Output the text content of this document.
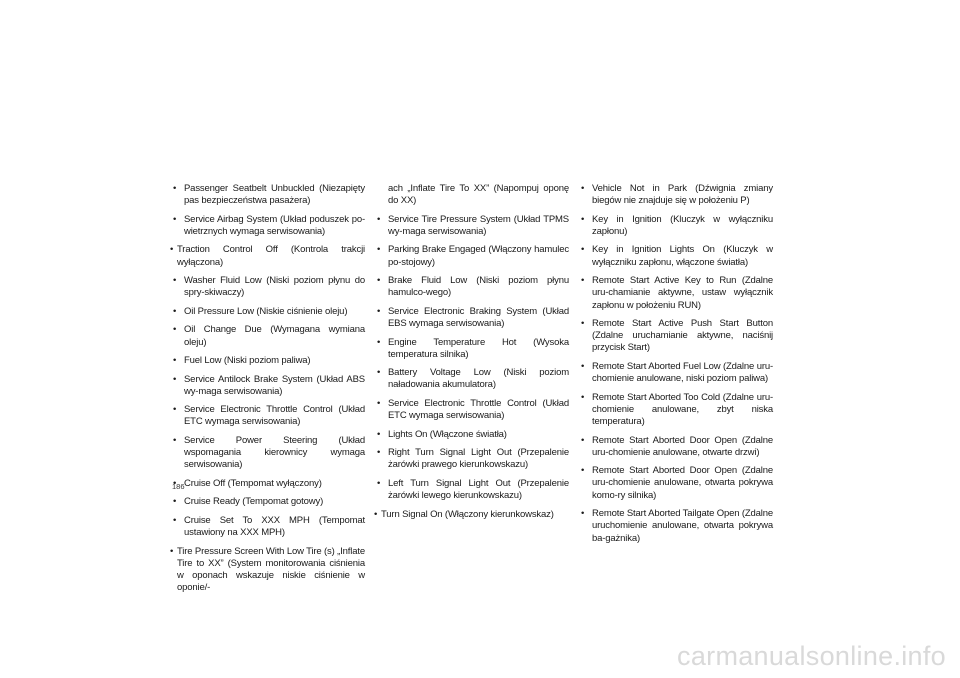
• Passenger Seatbelt Unbuckled (Niezapięty pas bezpieczeństwa pasażera)
• Service Airbag System (Układ poduszek po-wietrznych wymaga serwisowania)
• Traction Control Off (Kontrola trakcji wyłączona)
• Washer Fluid Low (Niski poziom płynu do spry-skiwaczy)
• Oil Pressure Low (Niskie ciśnienie oleju)
• Oil Change Due (Wymagana wymiana oleju)
• Fuel Low (Niski poziom paliwa)
• Service Antilock Brake System (Układ ABS wy-maga serwisowania)
• Service Electronic Throttle Control (Układ ETC wymaga serwisowania)
• Service Power Steering (Układ wspomagania kierownicy wymaga serwisowania)
• Cruise Off (Tempomat wyłączony)
• Cruise Ready (Tempomat gotowy)
• Cruise Set To XXX MPH (Tempomat ustawiony na XXX MPH)
• Tire Pressure Screen With Low Tire (s) „Inflate Tire to XX” (System monitorowania ciśnienia w oponach wskazuje niskie ciśnienie w oponie/-
ach „Inflate Tire To XX” (Napompuj oponę do XX)
• Service Tire Pressure System (Układ TPMS wy-maga serwisowania)
• Parking Brake Engaged (Włączony hamulec po-stojowy)
• Brake Fluid Low (Niski poziom płynu hamulco-wego)
• Service Electronic Braking System (Układ EBS wymaga serwisowania)
• Engine Temperature Hot (Wysoka temperatura silnika)
• Battery Voltage Low (Niski poziom naładowania akumulatora)
• Service Electronic Throttle Control (Układ ETC wymaga serwisowania)
• Lights On (Włączone światła)
• Right Turn Signal Light Out (Przepalenie żarówki prawego kierunkowskazu)
• Left Turn Signal Light Out (Przepalenie żarówki lewego kierunkowskazu)
• Turn Signal On (Włączony kierunkowskaz)
• Vehicle Not in Park (Dźwignia zmiany biegów nie znajduje się w położeniu P)
• Key in Ignition (Kluczyk w wyłączniku zapłonu)
• Key in Ignition Lights On (Kluczyk w wyłączniku zapłonu, włączone światła)
• Remote Start Active Key to Run (Zdalne uru-chamianie aktywne, ustaw wyłącznik zapłonu w położeniu RUN)
• Remote Start Active Push Start Button (Zdalne uruchamianie aktywne, naciśnij przycisk Start)
• Remote Start Aborted Fuel Low (Zdalne uru-chomienie anulowane, niski poziom paliwa)
• Remote Start Aborted Too Cold (Zdalne uru-chomienie anulowane, zbyt niska temperatura)
• Remote Start Aborted Door Open (Zdalne uru-chomienie anulowane, otwarte drzwi)
• Remote Start Aborted Door Open (Zdalne uru-chomienie anulowane, otwarta pokrywa komo-ry silnika)
• Remote Start Aborted Tailgate Open (Zdalne uruchomienie anulowane, otwarta pokrywa ba-gażnika)
186
carmanualsonline.info
